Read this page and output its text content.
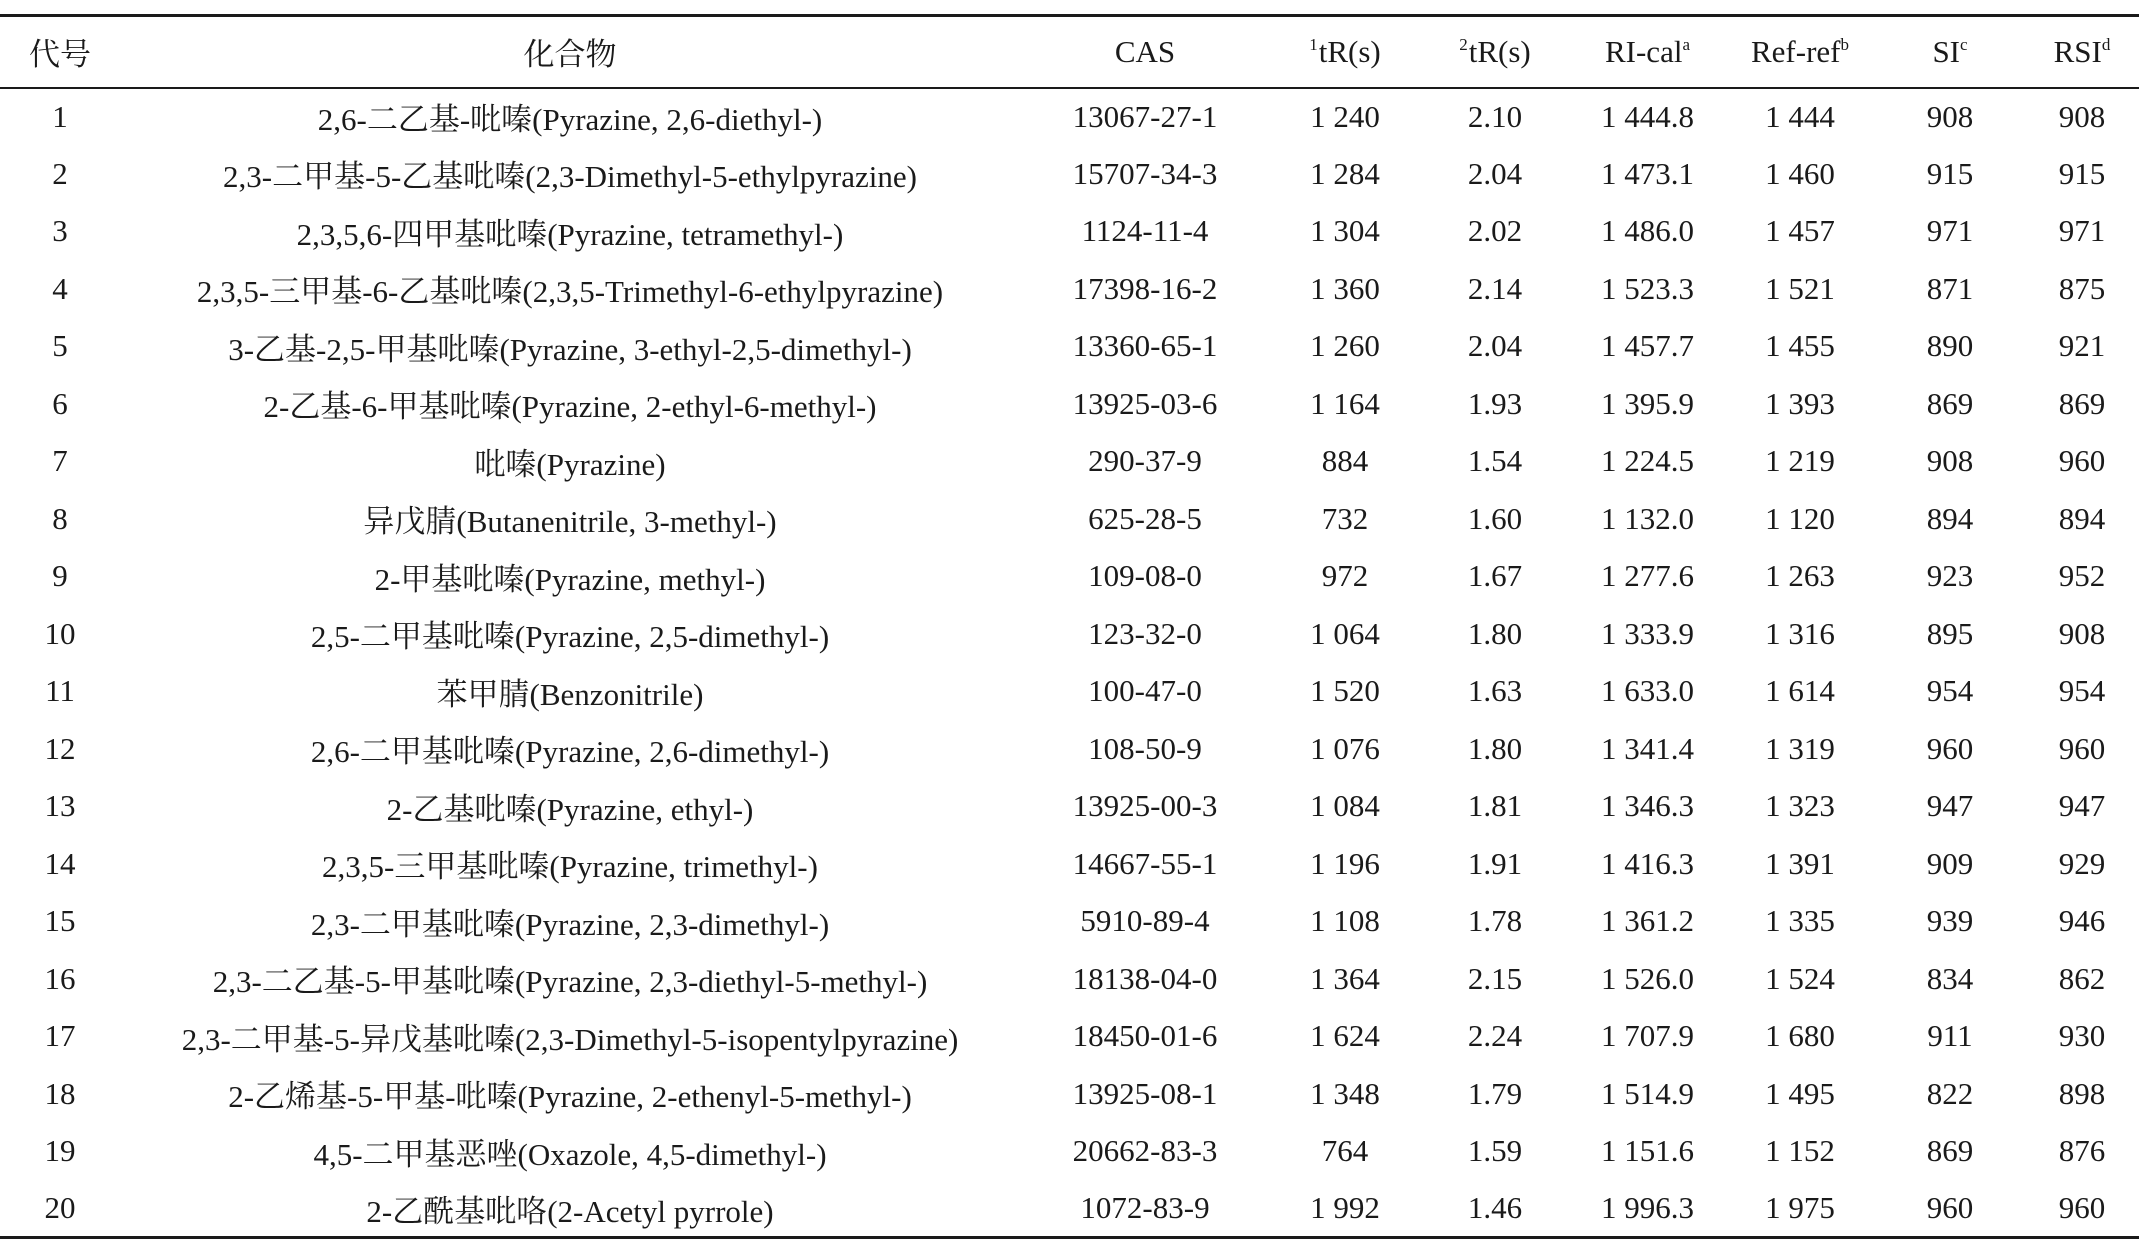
代号	化合物	CAS	$^1$tR(s)	$^2$tR(s)	RI-cal$^a$	Ref-ref$^b$	$SI^c$	RSI$^d$
1	2,6-二乙基-吡嗪(Pyrazine, 2,6-diethyl-)	13067-27-1	1 240	2.10	1 444.8	1 444	908	908
2	2,3-二甲基-5-乙基吡嗪(2,3-Dimethyl-5-ethylpyrazine)	15707-34-3	1 284	2.04	1 473.1	1 460	915	915
3	2,3,5,6-四甲基吡嗪(Pyrazine, tetramethyl-)	1124-11-4	1 304	2.02	1 486.0	1 457	971	971
4	2,3,5-三甲基-6-乙基吡嗪(2,3,5-Trimethyl-6-ethylpyrazine)	17398-16-2	1 360	2.14	1 523.3	1 521	871	875
5	3-乙基-2,5-甲基吡嗪(Pyrazine, 3-ethyl-2,5-dimethyl-)	13360-65-1	1 260	2.04	1 457.7	1 455	890	921
6	2-乙基-6-甲基吡嗪(Pyrazine, 2-ethyl-6-methyl-)	13925-03-6	1 164	1.93	1 395.9	1 393	869	869
7	吡嗪(Pyrazine)	290-37-9	884	1.54	1 224.5	1 219	908	960
8	异戊腈(Butanenitrile, 3-methyl-)	625-28-5	732	1.60	1 132.0	1 120	894	894
9	2-甲基吡嗪(Pyrazine, methyl-)	109-08-0	972	1.67	1 277.6	1 263	923	952
10	2,5-二甲基吡嗪(Pyrazine, 2,5-dimethyl-)	123-32-0	1 064	1.80	1 333.9	1 316	895	908
11	苯甲腈(Benzonitrile)	100-47-0	1 520	1.63	1 633.0	1 614	954	954
12	2,6-二甲基吡嗪(Pyrazine, 2,6-dimethyl-)	108-50-9	1 076	1.80	1 341.4	1 319	960	960
13	2-乙基吡嗪(Pyrazine, ethyl-)	13925-00-3	1 084	1.81	1 346.3	1 323	947	947
14	2,3,5-三甲基吡嗪(Pyrazine, trimethyl-)	14667-55-1	1 196	1.91	1 416.3	1 391	909	929
15	2,3-二甲基吡嗪(Pyrazine, 2,3-dimethyl-)	5910-89-4	1 108	1.78	1 361.2	1 335	939	946
16	2,3-二乙基-5-甲基吡嗪(Pyrazine, 2,3-diethyl-5-methyl-)	18138-04-0	1 364	2.15	1 526.0	1 524	834	862
17	2,3-二甲基-5-异戊基吡嗪(2,3-Dimethyl-5-isopentylpyrazine)	18450-01-6	1 624	2.24	1 707.9	1 680	911	930
18	2-乙烯基-5-甲基-吡嗪(Pyrazine, 2-ethenyl-5-methyl-)	13925-08-1	1 348	1.79	1 514.9	1 495	822	898
19	4,5-二甲基恶唑(Oxazole, 4,5-dimethyl-)	20662-83-3	764	1.59	1 151.6	1 152	869	876
20	2-乙酰基吡咯(2-Acetyl pyrrole)	1072-83-9	1 992	1.46	1 996.3	1 975	960	960
